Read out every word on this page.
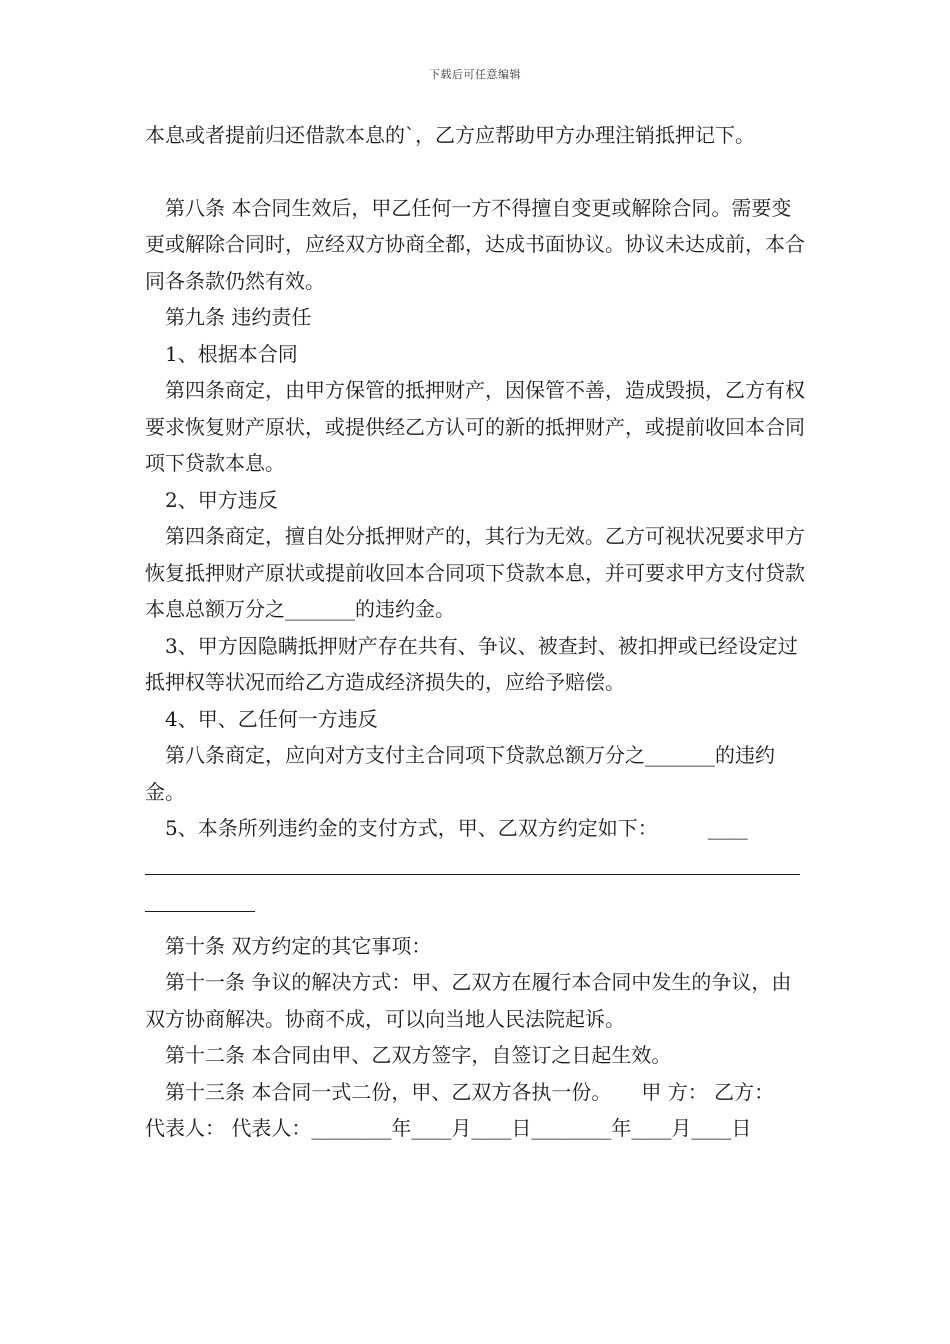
下载后可任意编辑

本息或者提前归还借款本息的`，乙方应帮助甲方办理注销抵押记下。

第八条 本合同生效后，甲乙任何一方不得擅自变更或解除合同。需要变更或解除合同时，应经双方协商全都，达成书面协议。协议未达成前，本合同各条款仍然有效。

第九条 违约责任

1、根据本合同

第四条商定，由甲方保管的抵押财产，因保管不善，造成毁损，乙方有权要求恢复财产原状，或提供经乙方认可的新的抵押财产，或提前收回本合同项下贷款本息。

2、甲方违反

第四条商定，擅自处分抵押财产的，其行为无效。乙方可视状况要求甲方恢复抵押财产原状或提前收回本合同项下贷款本息，并可要求甲方支付贷款本息总额万分之_______的违约金。

3、甲方因隐瞒抵押财产存在共有、争议、被查封、被扣押或已经设定过抵押权等状况而给乙方造成经济损失的，应给予赔偿。

4、甲、乙任何一方违反

第八条商定，应向对方支付主合同项下贷款总额万分之_______的违约金。

5、本条所列违约金的支付方式，甲、乙双方约定如下：　　　____

第十条 双方约定的其它事项：

第十一条 争议的解决方式：甲、乙双方在履行本合同中发生的争议，由双方协商解决。协商不成，可以向当地人民法院起诉。

第十二条 本合同由甲、乙双方签字，自签订之日起生效。

第十三条 本合同一式二份，甲、乙双方各执一份。　　甲 方： 乙方：　　代表人： 代表人：________年____月____日________年____月____日
